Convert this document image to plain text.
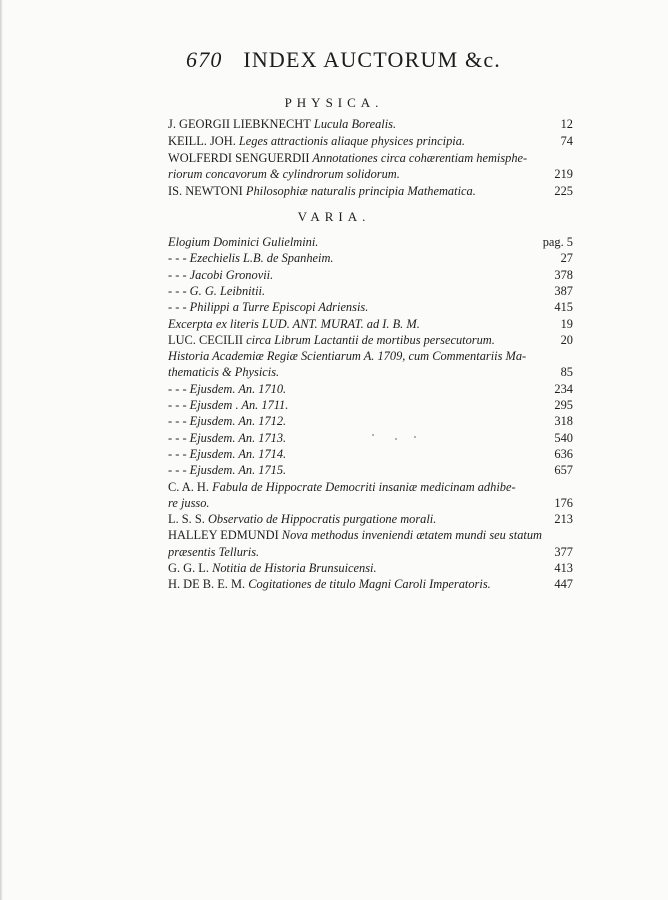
670 INDEX AUCTORUM &c.
PHYSICA.
J. GEORGII LIEBKNECHT Lucula Borealis.	12
KEILL. JOH. Leges attractionis aliaque physices principia.	74
WOLFERDI SENGUERDII Annotationes circa cohærentiam hemisphe-
riorum concavorum & cylindrorum solidorum.	219
IS. NEWTONI Philosophiæ naturalis principia Mathematica.	225
VARIA.
Elogium Dominici Gulielmini.	pag. 5
- - - Ezechielis L.B. de Spanheim.	27
- - - Jacobi Gronovii.	378
- - - G. G. Leibnitii.	387
- - - Philippi a Turre Episcopi Adriensis.	415
Excerpta ex literis LUD. ANT. MURAT. ad I. B. M.	19
LUC. CECILII circa Librum Lactantii de mortibus persecutorum.	20
Historia Academiæ Regiæ Scientiarum A. 1709, cum Commentariis Ma-
thematicis & Physicis.	85
- - - Ejusdem. An. 1710.	234
- - - Ejusdem . An. 1711.	295
- - - Ejusdem. An. 1712.	318
- - - Ejusdem. An. 1713.	540
- - - Ejusdem. An. 1714.	636
- - - Ejusdem. An. 1715.	657
C. A. H. Fabula de Hippocrate Democriti insaniæ medicinam adhibe-
re jusso.	176
L. S. S. Observatio de Hippocratis purgatione morali.	213
HALLEY EDMUNDI Nova methodus inveniendi ætatem mundi seu statum
præsentis Telluris.	377
G. G. L. Notitia de Historia Brunsuicensi.	413
H. DE B. E. M. Cogitationes de titulo Magni Caroli Imperatoris.	447
